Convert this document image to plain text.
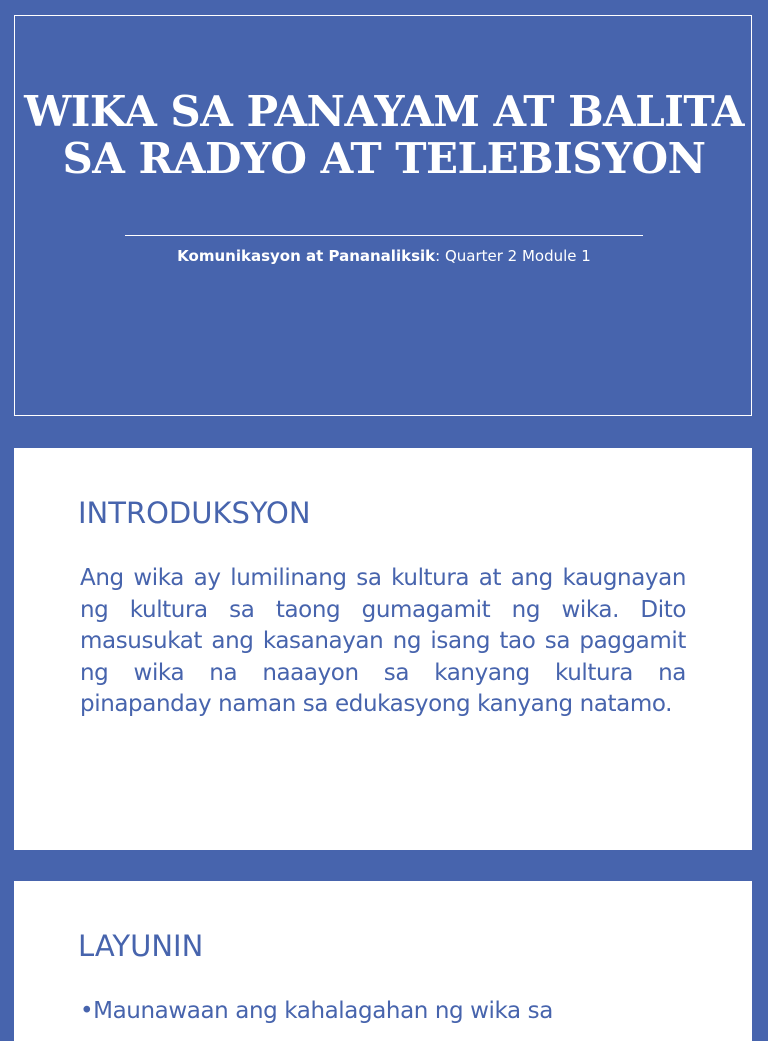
WIKA SA PANAYAM AT BALITA SA RADYO AT TELEBISYON
Komunikasyon at Pananaliksik: Quarter 2 Module 1
INTRODUKSYON

Ang wika ay lumilinang sa kultura at ang kaugnayan ng kultura sa taong gumagamit ng wika. Dito masusukat ang kasanayan ng isang tao sa paggamit ng wika na naaayon sa kanyang kultura na pinapanday naman sa edukasyong kanyang natamo.

LAYUNIN
•Maunawaan ang kahalagahan ng wika sa
